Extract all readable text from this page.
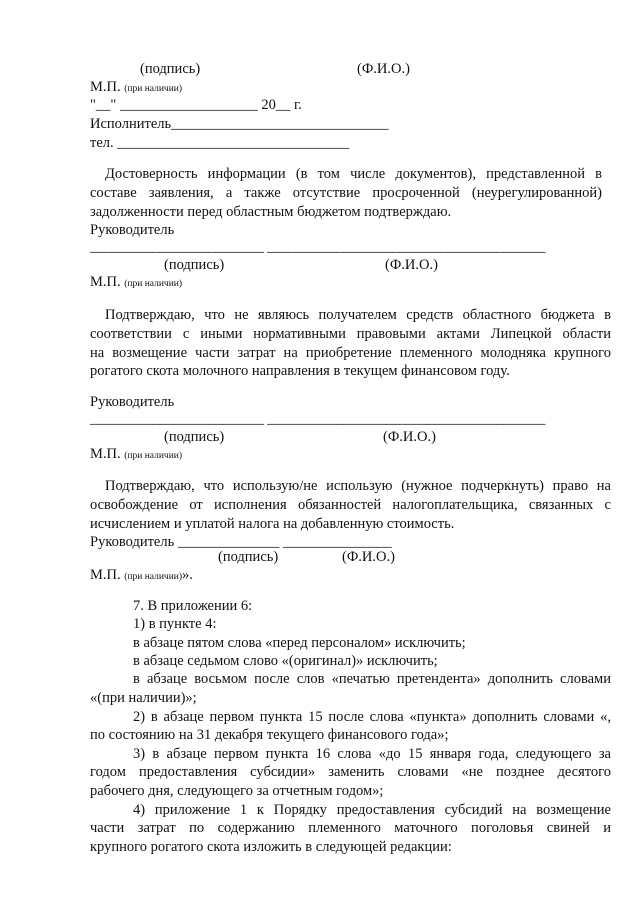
(подпись)	(Ф.И.О.)
М.П. (при наличии)
"__" ___________________ 20__ г.
Исполнитель______________________________
тел. ________________________________
Достоверность информации (в том числе документов), представленной в
составе заявления, а также отсутствие просроченной (неурегулированной)
задолженности перед областным бюджетом подтверждаю.
Руководитель
_________________________ ________________________________________
(подпись)	(Ф.И.О.)
М.П. (при наличии)
Подтверждаю, что не являюсь получателем средств областного бюджета в
соответствии с иными нормативными правовыми актами Липецкой области
на возмещение части затрат на приобретение племенного молодняка крупного
рогатого скота молочного направления в текущем финансовом году.
Руководитель
_________________________ ________________________________________
(подпись)	(Ф.И.О.)
М.П. (при наличии)
Подтверждаю, что использую/не использую (нужное подчеркнуть) право на
освобождение от исполнения обязанностей налогоплательщика, связанных с
исчислением и уплатой налога на добавленную стоимость.
Руководитель ______________ _______________
(подпись)	(Ф.И.О.)
М.П. (при наличии)».
7. В приложении 6:
1) в пункте 4:
в абзаце пятом слова «перед персоналом» исключить;
в абзаце седьмом слово «(оригинал)» исключить;
в абзаце восьмом после слов «печатью претендента» дополнить словами
«(при наличии)»;
2) в абзаце первом пункта 15 после слова «пункта» дополнить словами «,
по состоянию на 31 декабря текущего финансового года»;
3) в абзаце первом пункта 16 слова «до 15 января года, следующего за
годом предоставления субсидии» заменить словами «не позднее десятого
рабочего дня, следующего за отчетным годом»;
4) приложение 1 к Порядку предоставления субсидий на возмещение
части затрат по содержанию племенного маточного поголовья свиней и
крупного рогатого скота изложить в следующей редакции:
